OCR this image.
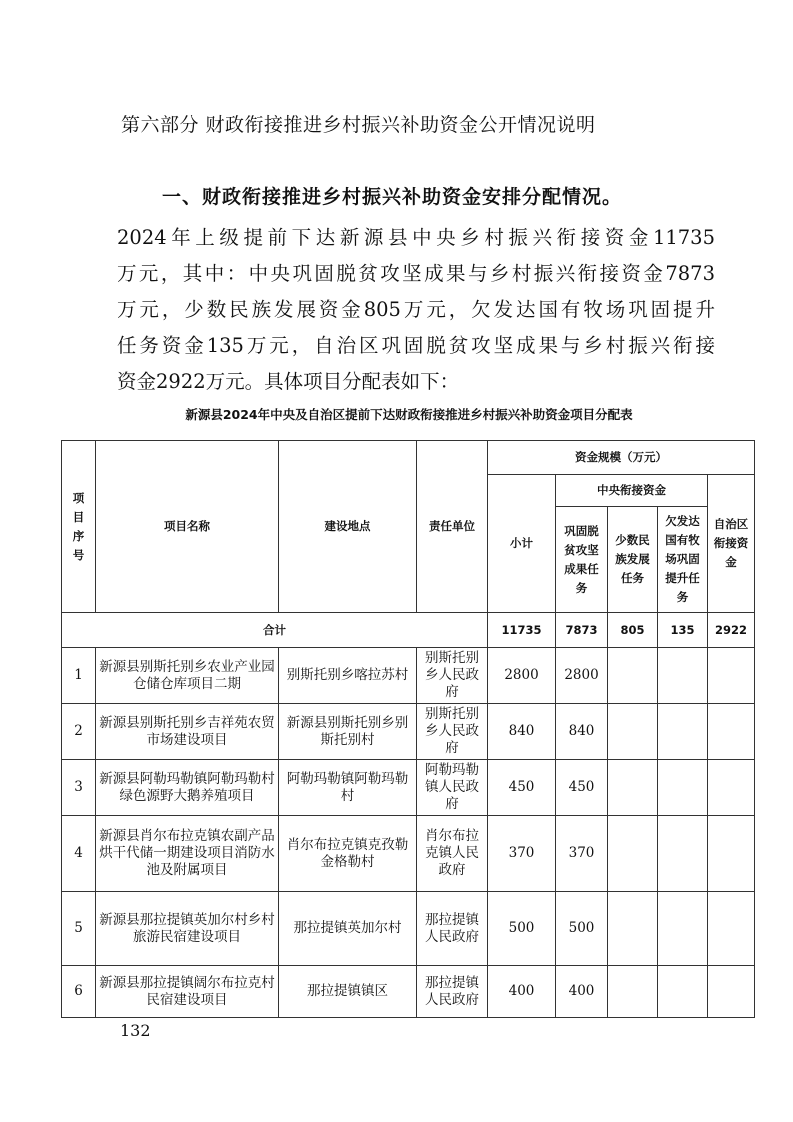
第六部分 财政衔接推进乡村振兴补助资金公开情况说明
一、财政衔接推进乡村振兴补助资金安排分配情况。
2024年上级提前下达新源县中央乡村振兴衔接资金11735
万元，其中：中央巩固脱贫攻坚成果与乡村振兴衔接资金7873
万元，少数民族发展资金805万元，欠发达国有牧场巩固提升
任务资金135万元，自治区巩固脱贫攻坚成果与乡村振兴衔接
资金2922万元。具体项目分配表如下：
新源县2024年中央及自治区提前下达财政衔接推进乡村振兴补助资金项目分配表
项目序号	项目名称	建设地点	责任单位	资金规模（万元）				
				小计	中央衔接资金			自治区衔接资金
					巩固脱贫攻坚成果任务	少数民族发展任务	欠发达国有牧场巩固提升任务	
合计				11735	7873	805	135	2922
1	新源县别斯托别乡农业产业园仓储仓库项目二期	别斯托别乡喀拉苏村	别斯托别乡人民政府	2800	2800			
2	新源县别斯托别乡吉祥苑农贸市场建设项目	新源县别斯托别乡别斯托别村	别斯托别乡人民政府	840	840			
3	新源县阿勒玛勒镇阿勒玛勒村绿色源野大鹅养殖项目	阿勒玛勒镇阿勒玛勒村	阿勒玛勒镇人民政府	450	450			
4	新源县肖尔布拉克镇农副产品烘干代储一期建设项目消防水池及附属项目	肖尔布拉克镇克孜勒金格勒村	肖尔布拉克镇人民政府	370	370			
5	新源县那拉提镇英加尔村乡村旅游民宿建设项目	那拉提镇英加尔村	那拉提镇人民政府	500	500			
6	新源县那拉提镇阔尔布拉克村民宿建设项目	那拉提镇镇区	那拉提镇人民政府	400	400			
132
